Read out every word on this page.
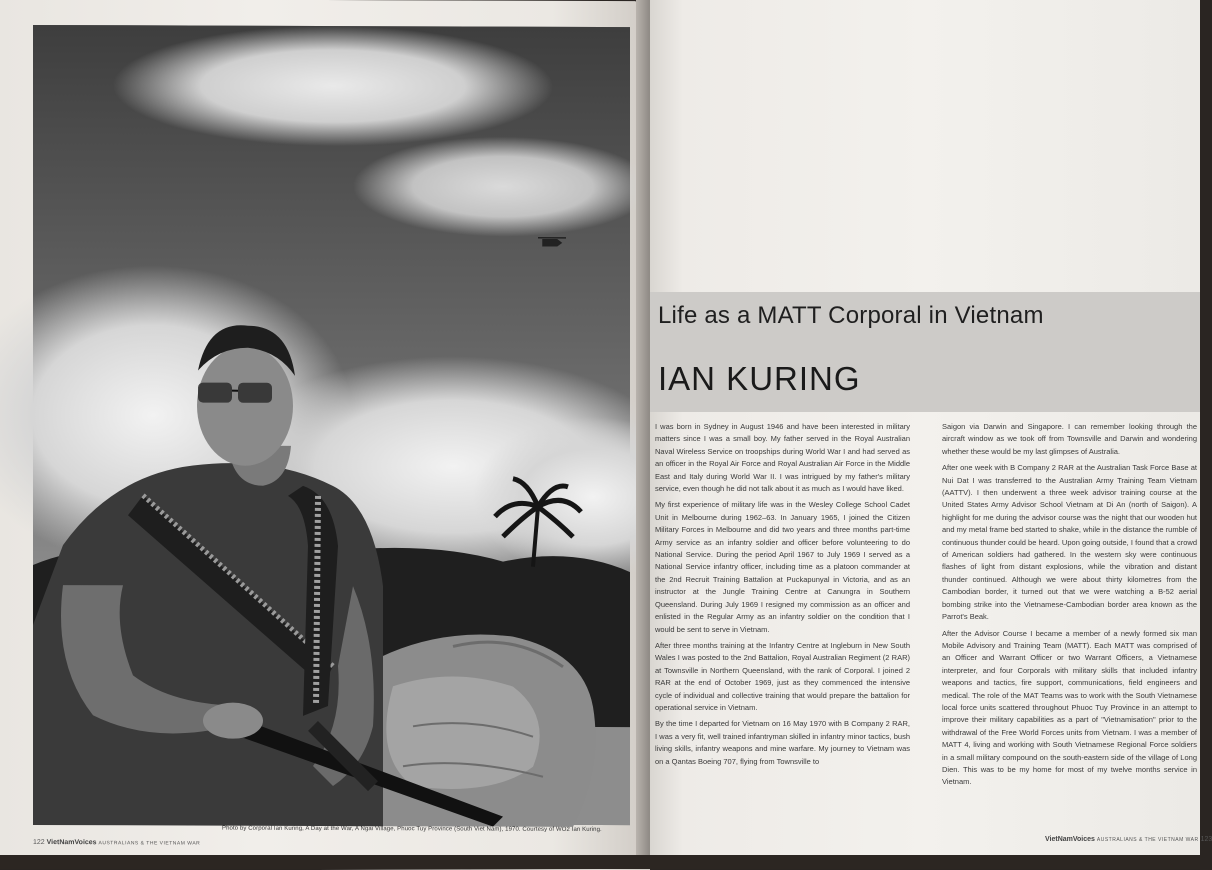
Photo by Corporal Ian Kuring, A Day at the War, A Ngai Village, Phuoc Tuy Province (South Viet Nam), 1970. Courtesy of WO2 Ian Kuring.
122 VietNamVoices AUSTRALIANS & THE VIETNAM WAR
Life as a MATT Corporal in Vietnam
IAN KURING

I was born in Sydney in August 1946 and have been interested in military matters since I was a small boy. My father served in the Royal Australian Naval Wireless Service on troopships during World War I and had served as an officer in the Royal Air Force and Royal Australian Air Force in the Middle East and Italy during World War II. I was intrigued by my father's military service, even though he did not talk about it as much as I would have liked.

My first experience of military life was in the Wesley College School Cadet Unit in Melbourne during 1962–63. In January 1965, I joined the Citizen Military Forces in Melbourne and did two years and three months part-time Army service as an infantry soldier and officer before volunteering to do National Service. During the period April 1967 to July 1969 I served as a National Service infantry officer, including time as a platoon commander at the 2nd Recruit Training Battalion at Puckapunyal in Victoria, and as an instructor at the Jungle Training Centre at Canungra in Southern Queensland. During July 1969 I resigned my commission as an officer and enlisted in the Regular Army as an infantry soldier on the condition that I would be sent to serve in Vietnam.

After three months training at the Infantry Centre at Ingleburn in New South Wales I was posted to the 2nd Battalion, Royal Australian Regiment (2 RAR) at Townsville in Northern Queensland, with the rank of Corporal. I joined 2 RAR at the end of October 1969, just as they commenced the intensive cycle of individual and collective training that would prepare the battalion for operational service in Vietnam.

By the time I departed for Vietnam on 16 May 1970 with B Company 2 RAR, I was a very fit, well trained infantryman skilled in infantry minor tactics, bush living skills, infantry weapons and mine warfare. My journey to Vietnam was on a Qantas Boeing 707, flying from Townsville to

Saigon via Darwin and Singapore. I can remember looking through the aircraft window as we took off from Townsville and Darwin and wondering whether these would be my last glimpses of Australia.

After one week with B Company 2 RAR at the Australian Task Force Base at Nui Dat I was transferred to the Australian Army Training Team Vietnam (AATTV). I then underwent a three week advisor training course at the United States Army Advisor School Vietnam at Di An (north of Saigon). A highlight for me during the advisor course was the night that our wooden hut and my metal frame bed started to shake, while in the distance the rumble of continuous thunder could be heard. Upon going outside, I found that a crowd of American soldiers had gathered. In the western sky were continuous flashes of light from distant explosions, while the vibration and distant thunder continued. Although we were about thirty kilometres from the Cambodian border, it turned out that we were watching a B-52 aerial bombing strike into the Vietnamese-Cambodian border area known as the Parrot's Beak.

After the Advisor Course I became a member of a newly formed six man Mobile Advisory and Training Team (MATT). Each MATT was comprised of an Officer and Warrant Officer or two Warrant Officers, a Vietnamese interpreter, and four Corporals with military skills that included infantry weapons and tactics, fire support, communications, field engineers and medical. The role of the MAT Teams was to work with the South Vietnamese local force units scattered throughout Phuoc Tuy Province in an attempt to improve their military capabilities as a part of "Vietnamisation" prior to the withdrawal of the Free World Forces units from Vietnam. I was a member of MATT 4, living and working with South Vietnamese Regional Force soldiers in a small military compound on the south-eastern side of the village of Long Dien. This was to be my home for most of my twelve months service in Vietnam.

VietNamVoices AUSTRALIANS & THE VIETNAM WAR 123
